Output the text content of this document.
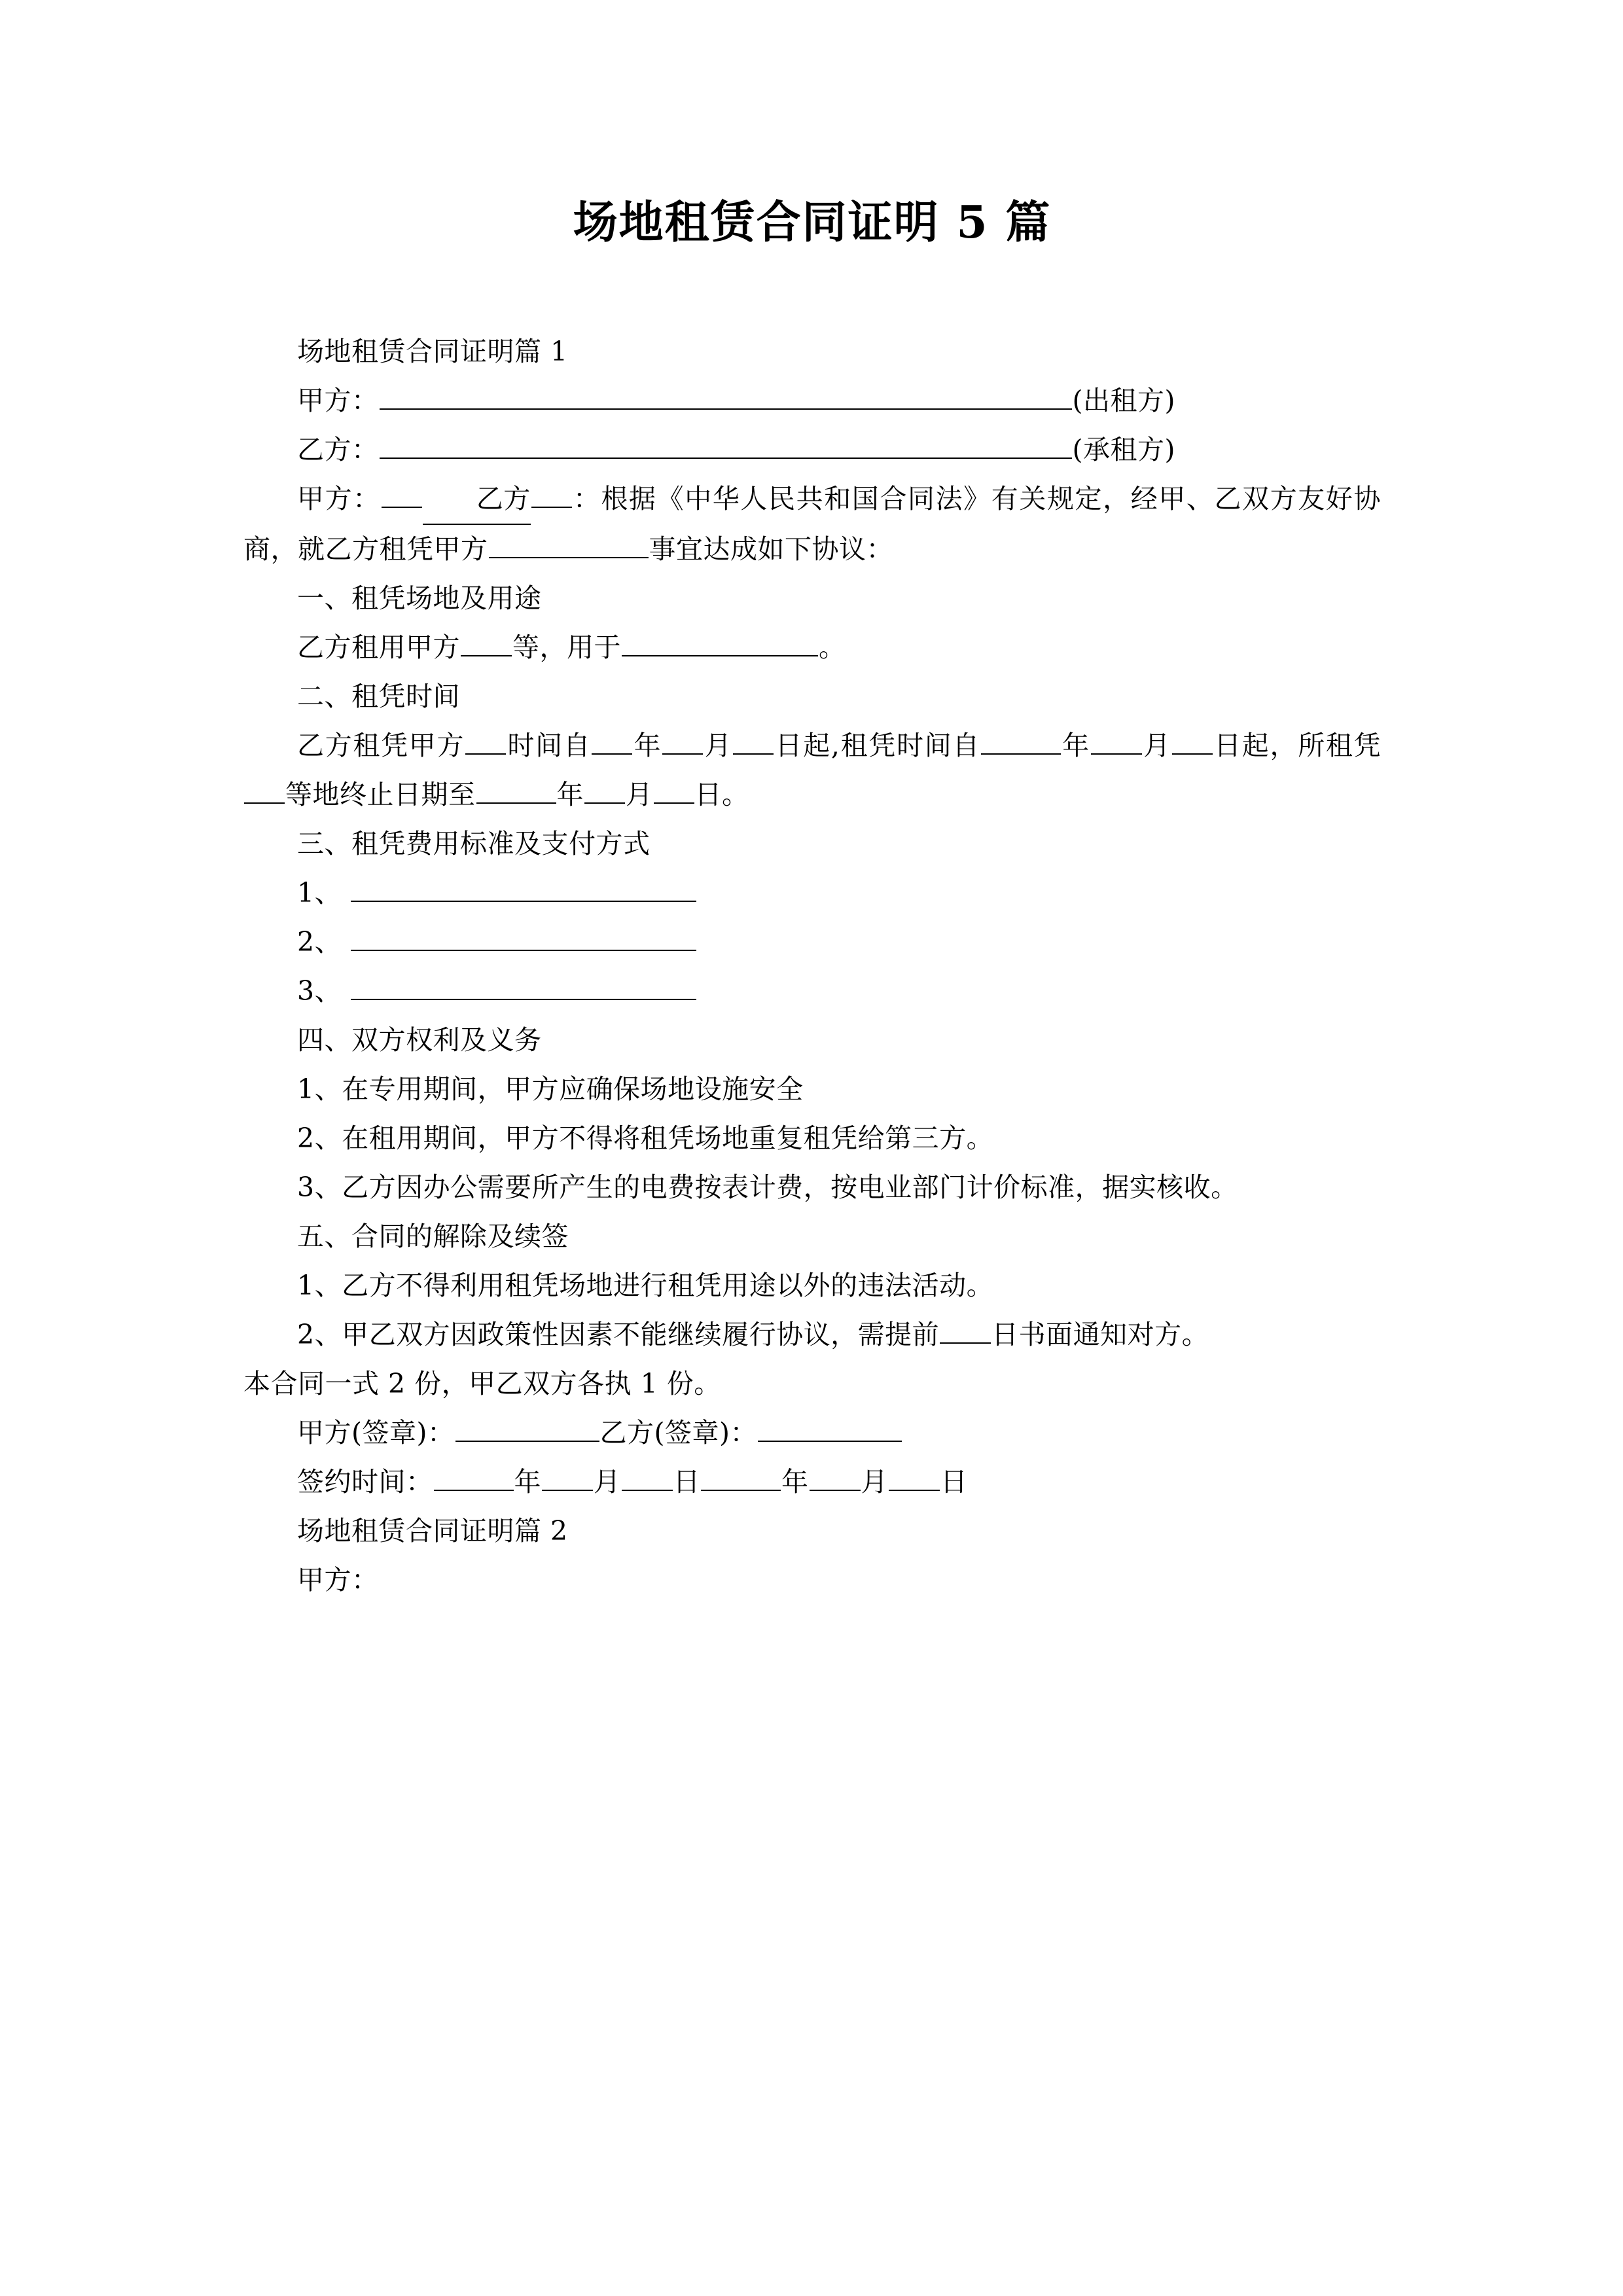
场地租赁合同证明 5 篇

场地租赁合同证明篇 1

甲方：	(出租方)

乙方：	(承租方)

甲方：	乙方 ：根据《中华人民共和国合同法》有关规定，经甲、乙双方友好协商，就乙方租凭甲方	事宜达成如下协议：

一、租凭场地及用途

乙方租用甲方 等，用于	。

二、租凭时间

乙方租凭甲方 时间自 年 月 日起,租凭时间自	年 月 日起，所租凭等地终止日期至	年 月 日。

三、租凭费用标准及支付方式

1、

2、

3、

四、双方权利及义务

1、在专用期间，甲方应确保场地设施安全

2、在租用期间，甲方不得将租凭场地重复租凭给第三方。

3、乙方因办公需要所产生的电费按表计费，按电业部门计价标准，据实核收。

五、合同的解除及续签

1、乙方不得利用租凭场地进行租凭用途以外的违法活动。

2、甲乙双方因政策性因素不能继续履行协议，需提前 日书面通知对方。

本合同一式 2 份，甲乙双方各执 1 份。

甲方(签章)：	乙方(签章)：

签约时间：	年 月 日	年 月 日

场地租赁合同证明篇 2

甲方：
